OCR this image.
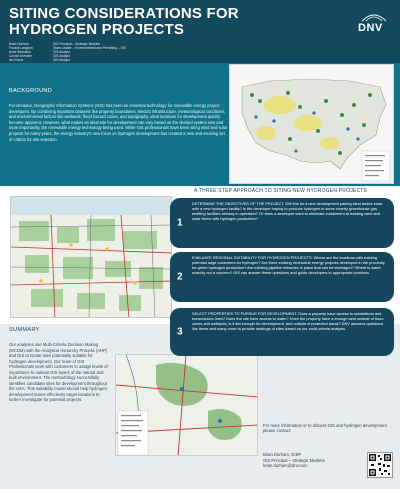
SITING CONSIDERATIONS FOR
HYDROGEN PROJECTS
Brian Durham
Francis Langdon
Anne Beaudoin
Connie Dressler
Ian Evans
GIS Principal – Strategic Markets
Team Leader – Environmental and Permitting – GIS
GIS Analyst
GIS Analyst
GIS Analyst
DNV
BACKGROUND
For decades, Geographic Information Systems (GIS) has been an essential technology for renewable energy project developers. By combining important datasets like property boundaries, electric infrastructure, meteorological conditions, and environmental factors like wetlands, flood hazard zones, and topography, ideal locations for development quickly become apparent. However, what makes an ideal site for development can vary based on the desired system size and more importantly, the renewable energy technology being used. While GIS professionals have been siting wind and solar projects for many years, the energy industry's new focus on hydrogen development has created a new and evolving set of criteria for site selection.
A THREE STEP APPROACH TO SITING NEW HYDROGEN PROJECTS
1
DETERMINE THE OBJECTIVES OF THE PROJECT. Will this be a new development pairing wind and/or solar with a new hydrogen facility? Is the developer hoping to produce hydrogen to serve nearby greenhouse gas emitting facilities already in operation? Or does a developer want to eliminate curtailment at existing wind and solar farms with hydrogen production?
2
EVALUATE REGIONAL SUITABILITY FOR HYDROGEN PROJECTS. Where are the locations with existing potential large customers for hydrogen? Are there existing renewable energy projects developed in the proximity for green hydrogen production? Are existing pipeline networks in place that can be leveraged? Where is water scarcity not a concern? GIS can answer these questions and guide developers to appropriate locations.
3
SELECT PROPERTIES TO PURSUE FOR DEVELOPMENT. Does a property have access to substations and transmission lines? Does the site have access to water? Does the property have a enough land outside of flood zones and wetlands, is it flat enough for development, and outside of protected areas? DNV answers questions like these and many more to provide rankings of sites based on our multi-criteria analysis.
SUMMARY
Our analyses use Multi-Criteria Decision Making (MCDM) with the Analytical Hierarchy Process (AHP) and GIS to locate sites potentially suitable for hydrogen development. Our team of GIS Professionals work with customers to assign levels of importance to various GIS layers of the natural and built environment. The methodology successfully identifies candidate sites for development throughout the USA. This suitability model should help hydrogen development teams effectively target locations to further investigate for potential projects.
For more information or to discuss GIS and hydrogen development please contact:
Brian Durham, GISP
GIS Principal – Strategic Markets
brian.durham@dnv.com
